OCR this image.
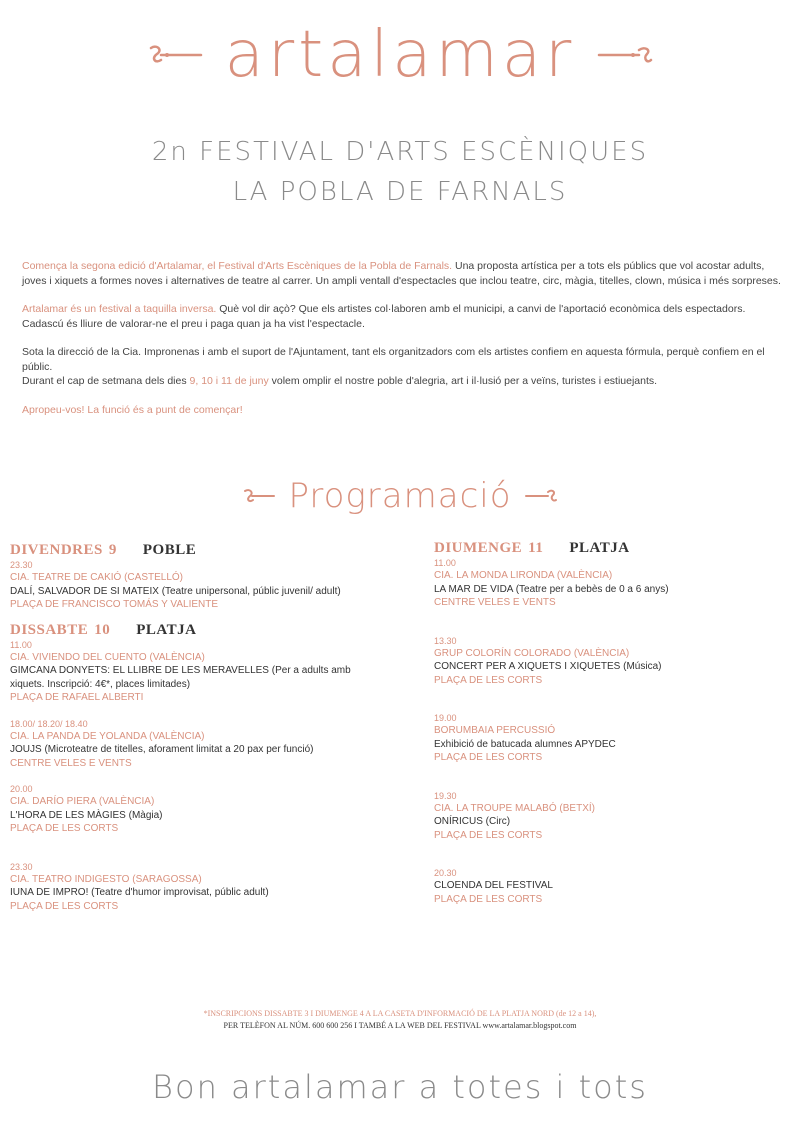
artalamar
2n FESTIVAL D'ARTS ESCÈNIQUES
LA POBLA DE FARNALS

Comença la segona edició d'Artalamar, el Festival d'Arts Escèniques de la Pobla de Farnals. Una proposta artística per a tots els públics que vol acostar adults, joves i xiquets a formes noves i alternatives de teatre al carrer. Un ampli ventall d'espectacles que inclou teatre, circ, màgia, titelles, clown, música i més sorpreses.

Artalamar és un festival a taquilla inversa. Què vol dir açò? Que els artistes col·laboren amb el municipi, a canvi de l'aportació econòmica dels espectadors. Cadascú és lliure de valorar-ne el preu i paga quan ja ha vist l'espectacle.

Sota la direcció de la Cia. Impronenas i amb el suport de l'Ajuntament, tant els organitzadors com els artistes confiem en aquesta fórmula, perquè confiem en el públic.

Durant el cap de setmana dels dies 9, 10 i 11 de juny volem omplir el nostre poble d'alegria, art i il·lusió per a veïns, turistes i estiuejants.

Apropeu-vos! La funció és a punt de començar!

Programació
DIVENDRES 9 POBLE
23.30
CIA. TEATRE DE CAKIÓ (CASTELLÓ)
DALÍ, SALVADOR DE SI MATEIX (Teatre unipersonal, públic juvenil/ adult)
PLAÇA DE FRANCISCO TOMÁS Y VALIENTE
DISSABTE 10 PLATJA
11.00
CIA. VIVIENDO DEL CUENTO (VALÈNCIA)
GIMCANA DONYETS: EL LLIBRE DE LES MERAVELLES (Per a adults amb xiquets. Inscripció: 4€*, places limitades)
PLAÇA DE RAFAEL ALBERTI
18.00/ 18.20/ 18.40
CIA. LA PANDA DE YOLANDA (VALÈNCIA)
JOUJS (Microteatre de titelles, aforament limitat a 20 pax per funció)
CENTRE VELES E VENTS
20.00
CIA. DARÍO PIERA (VALÈNCIA)
L'HORA DE LES MÀGIES (Màgia)
PLAÇA DE LES CORTS
23.30
CIA. TEATRO INDIGESTO (SARAGOSSA)
IUNA DE IMPRO! (Teatre d'humor improvisat, públic adult)
PLAÇA DE LES CORTS
DIUMENGE 11 PLATJA
11.00
CIA. LA MONDA LIRONDA (VALÈNCIA)
LA MAR DE VIDA (Teatre per a bebès de 0 a 6 anys)
CENTRE VELES E VENTS
13.30
GRUP COLORÍN COLORADO (VALÈNCIA)
CONCERT PER A XIQUETS I XIQUETES (Música)
PLAÇA DE LES CORTS
19.00
BORUMBAIA PERCUSSIÓ
Exhibició de batucada alumnes APYDEC
PLAÇA DE LES CORTS
19.30
CIA. LA TROUPE MALABÓ (BETXÍ)
ONÍRICUS (Circ)
PLAÇA DE LES CORTS
20.30
CLOENDA DEL FESTIVAL
PLAÇA DE LES CORTS
*INSCRIPCIONS DISSABTE 3 I DIUMENGE 4 A LA CASETA D'INFORMACIÓ DE LA PLATJA NORD (de 12 a 14),
PER TELÈFON AL NÚM. 600 600 256 I TAMBÉ A LA WEB DEL FESTIVAL www.artalamar.blogspot.com
Bon artalamar a totes i tots
